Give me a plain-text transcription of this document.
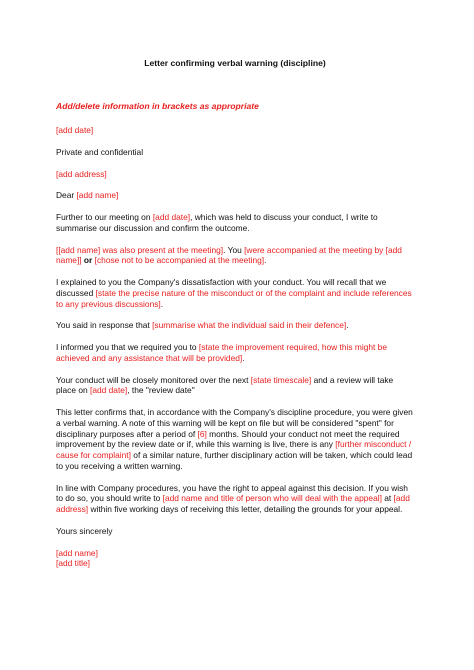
Letter confirming verbal warning (discipline)

Add/delete information in brackets as appropriate

[add date]

Private and confidential

[add address]

Dear [add name]

Further to our meeting on [add date], which was held to discuss your conduct, I write to summarise our discussion and confirm the outcome.

[[add name] was also present at the meeting]. You [were accompanied at the meeting by [add name]] or [chose not to be accompanied at the meeting].

I explained to you the Company's dissatisfaction with your conduct. You will recall that we discussed [state the precise nature of the misconduct or of the complaint and include references to any previous discussions].

You said in response that [summarise what the individual said in their defence].

I informed you that we required you to [state the improvement required, how this might be achieved and any assistance that will be provided].

Your conduct will be closely monitored over the next [state timescale] and a review will take place on [add date], the "review date"

This letter confirms that, in accordance with the Company's discipline procedure, you were given a verbal warning. A note of this warning will be kept on file but will be considered "spent" for disciplinary purposes after a period of [6] months. Should your conduct not meet the required improvement by the review date or if, while this warning is live, there is any [further misconduct / cause for complaint] of a similar nature, further disciplinary action will be taken, which could lead to you receiving a written warning.

In line with Company procedures, you have the right to appeal against this decision. If you wish to do so, you should write to [add name and title of person who will deal with the appeal] at [add address] within five working days of receiving this letter, detailing the grounds for your appeal.

Yours sincerely

[add name]
[add title]
